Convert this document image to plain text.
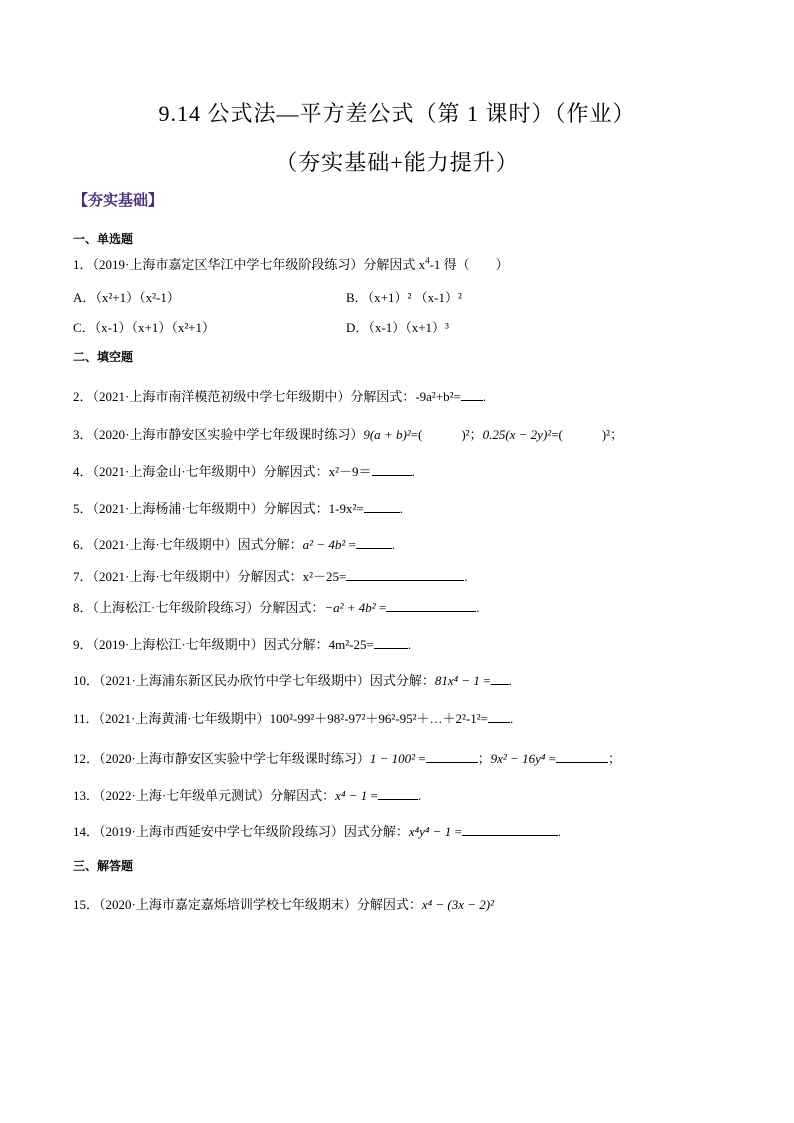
9.14 公式法—平方差公式（第 1 课时）（作业）
（夯实基础+能力提升）
【夯实基础】
一、单选题
1．（2019·上海市嘉定区华江中学七年级阶段练习）分解因式 $x^4-1$ 得（　　）
A．（x²+1）（x²-1）	B．（x+1）² （x-1）²
C．（x-1）（x+1）（x²+1）	D．（x-1）（x+1）³
二、填空题
2．（2021·上海市南洋模范初级中学七年级期中）分解因式：-9a²+b²= .
3．（2020·上海市静安区实验中学七年级课时练习）9(a + b)²=(　　　)²；0.25(x − 2y)²=(　　　)²；
4．（2021·上海金山·七年级期中）分解因式：x²－9＝	.
5．（2021·上海杨浦·七年级期中）分解因式：1-9x²=	.
6．（2021·上海·七年级期中）因式分解：a² − 4b² =	.
7．（2021·上海·七年级期中）分解因式：x²－25=	.
8．（上海松江·七年级阶段练习）分解因式：−a² + 4b² =	.
9．（2019·上海松江·七年级期中）因式分解：4m²-25=	.
10．（2021·上海浦东新区民办欣竹中学七年级期中）因式分解：81x⁴ − 1 = .
11．（2021·上海黄浦·七年级期中）100²-99²＋98²-97²＋96²-95²＋…＋2²-1²= .
12．（2020·上海市静安区实验中学七年级课时练习）1 − 100² =	；9x² − 16y⁴ =	；
13．（2022·上海·七年级单元测试）分解因式：x⁴ − 1 =	.
14．（2019·上海市西延安中学七年级阶段练习）因式分解：x⁴y⁴ − 1 =	.
三、解答题
15．（2020·上海市嘉定嘉烁培训学校七年级期末）分解因式：x⁴ − (3x − 2)²
